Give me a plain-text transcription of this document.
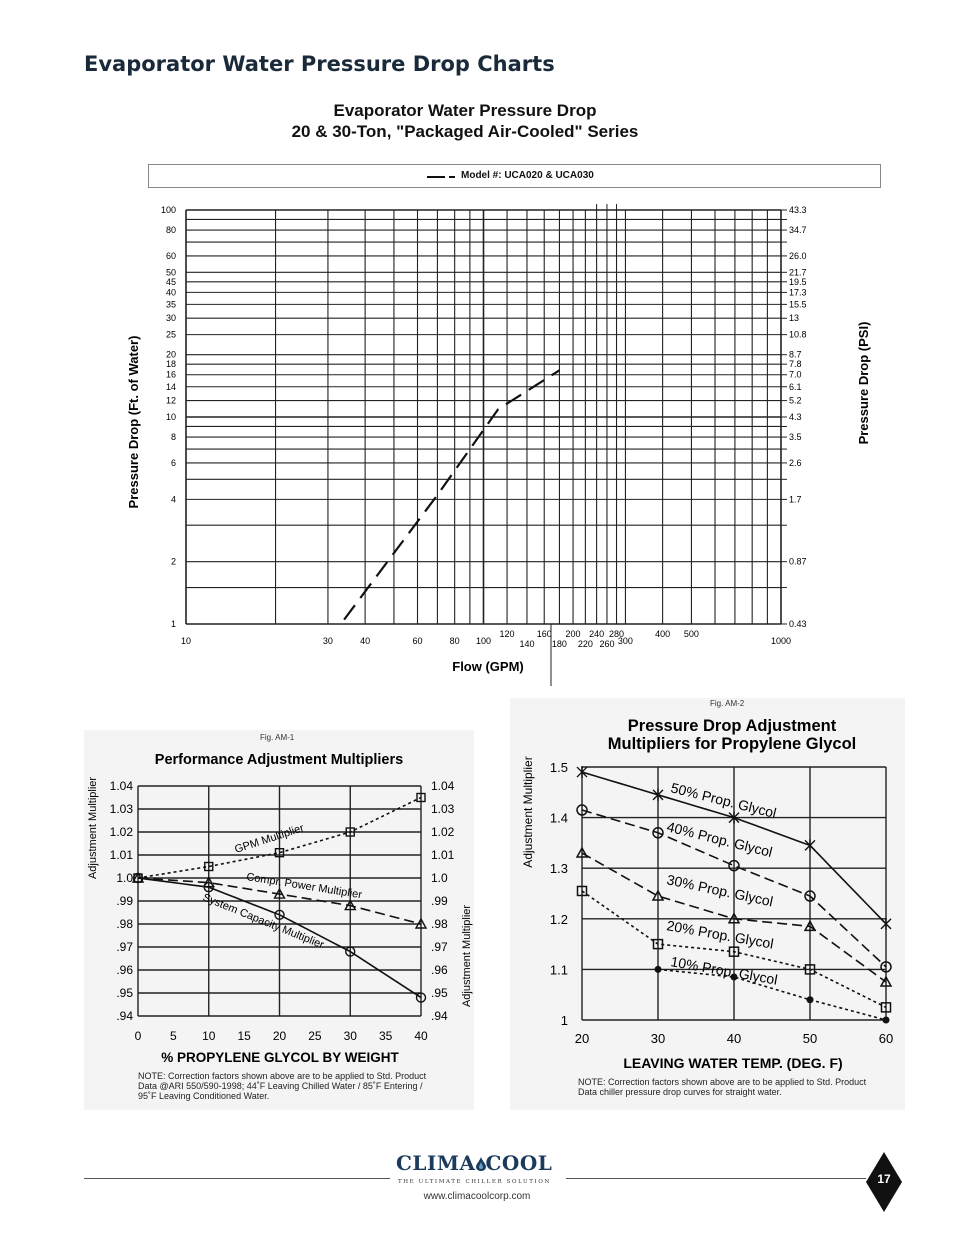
Evaporator Water Pressure Drop Charts
Evaporator Water Pressure Drop
20 & 30-Ton, "Packaged Air-Cooled" Series
Model #: UCA020 & UCA030
100
80
60
50
45
40
35
30
25
20
18
16
14
12
10
8
6
4
2
1
43.3
34.7
26.0
21.7
19.5
17.3
15.5
13
10.8
8.7
7.8
7.0
6.1
5.2
4.3
3.5
2.6
1.7
0.87
0.43
10	30	40	60	80 100
120
140
160
180
200
220
240
260
280
300
400 500
1000
Flow (GPM)
Pressure Drop (Ft. of Water)	Pressure Drop (PSI)
Fig. AM-1
Performance Adjustment Multipliers
1.04	1.04
1.03	1.03
1.02	1.02
1.01	1.01
1.0	1.0
.99	.99
.98	.98
.97	.97
.96	.96
.95	.95
.94	.94
0 5 10 15 20 25 30 35 40
% PROPYLENE GLYCOL BY WEIGHT
Adjustment Multiplier
Adjustment Multiplier
GPM Multiplier
Compr. Power Multiplier
System Capacity Multiplier
NOTE: Correction factors shown above are to be applied to Std. Product Data @ARI 550/590-1998; 44˚F Leaving Chilled Water / 85˚F Entering / 95˚F Leaving Conditioned Water.
Fig. AM-2
Pressure Drop Adjustment
Multipliers for Propylene Glycol
1.5
1.4
1.3
1.2
1.1
1
20	30	40	50	60
LEAVING WATER TEMP. (DEG. F)
Adjustment Multiplier	50% Prop. Glycol
40% Prop. Glycol
30% Prop. Glycol
20% Prop. Glycol
10% Prop. Glycol
NOTE: Correction factors shown above are to be applied to Std. Product Data chiller pressure drop curves for straight water.
CLIMA COOL
THE ULTIMATE CHILLER SOLUTION
www.climacoolcorp.com
17
